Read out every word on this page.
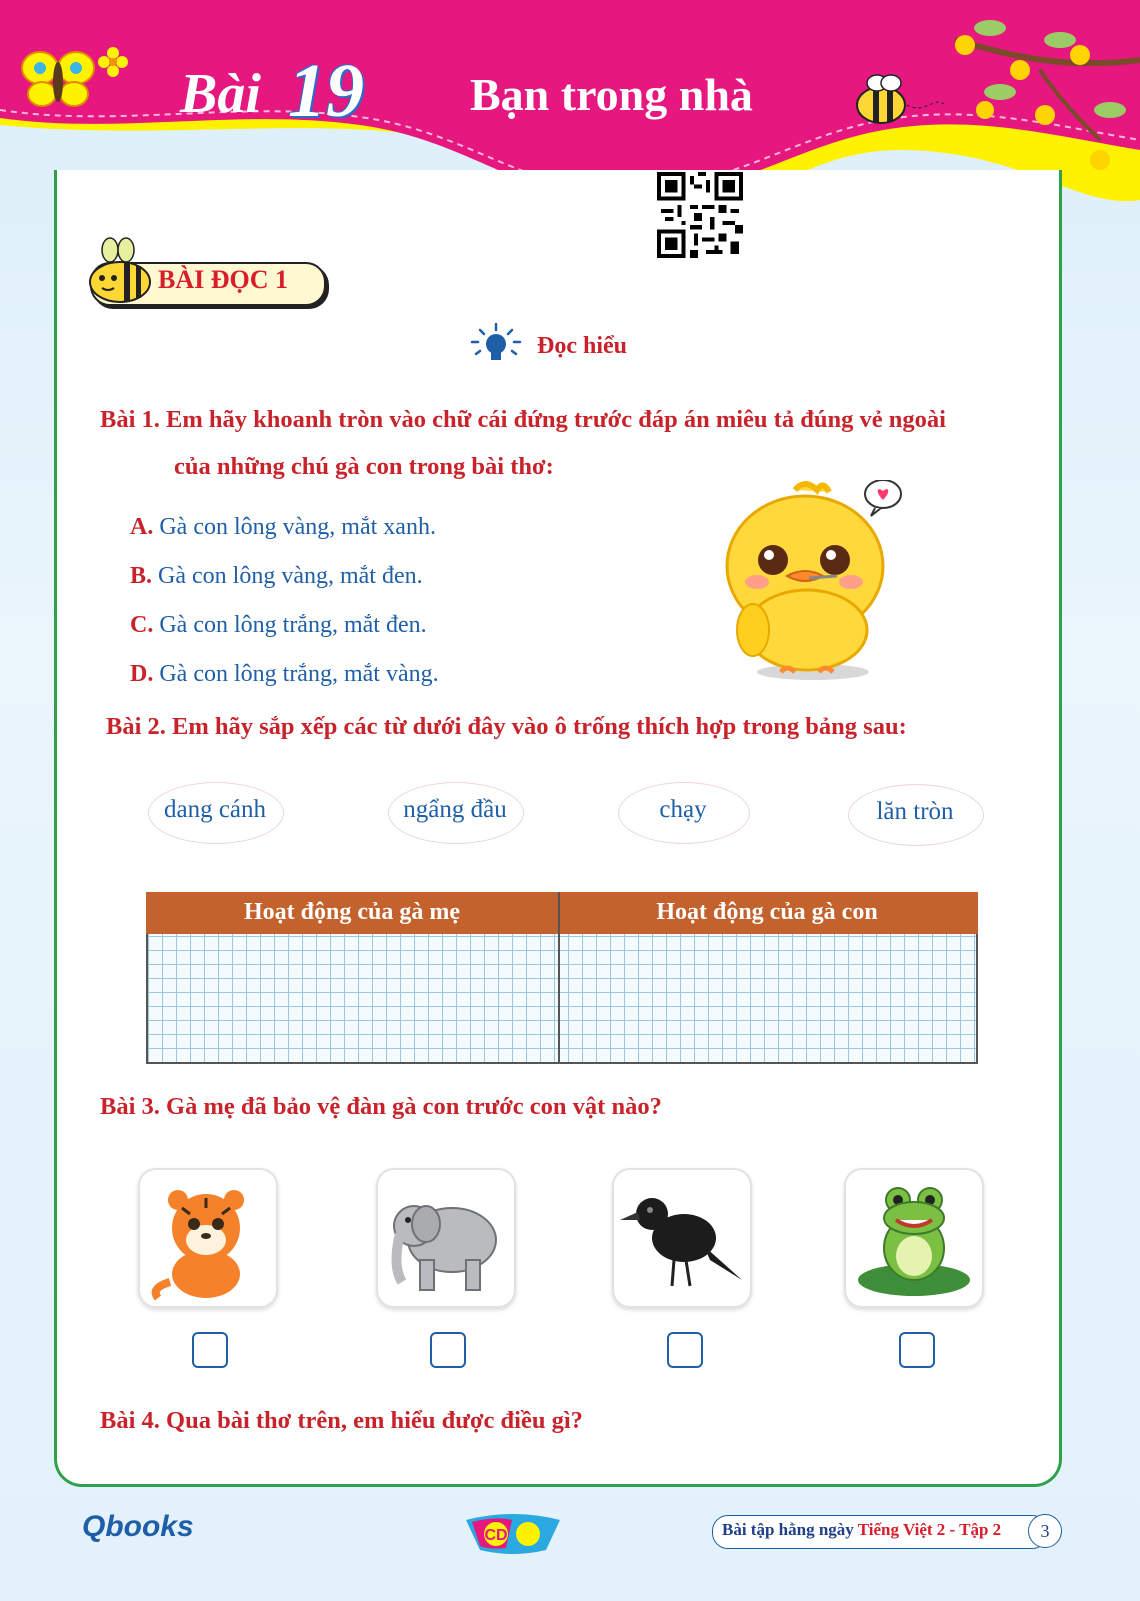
Bài 19 Bạn trong nhà
BÀI ĐỌC 1
Đọc hiểu
Bài 1. Em hãy khoanh tròn vào chữ cái đứng trước đáp án miêu tả đúng vẻ ngoài
của những chú gà con trong bài thơ:
A. Gà con lông vàng, mắt xanh.
B. Gà con lông vàng, mắt đen.
C. Gà con lông trắng, mắt đen.
D. Gà con lông trắng, mắt vàng.
Bài 2. Em hãy sắp xếp các từ dưới đây vào ô trống thích hợp trong bảng sau:
dang cánh	ngẩng đầu	chạy	lăn tròn
Hoạt động của gà mẹ	Hoạt động của gà con
Bài 3. Gà mẹ đã bảo vệ đàn gà con trước con vật nào?
Bài 4. Qua bài thơ trên, em hiểu được điều gì?
Qbooks	CD	Bài tập hằng ngày Tiếng Việt 2 - Tập 2	3
